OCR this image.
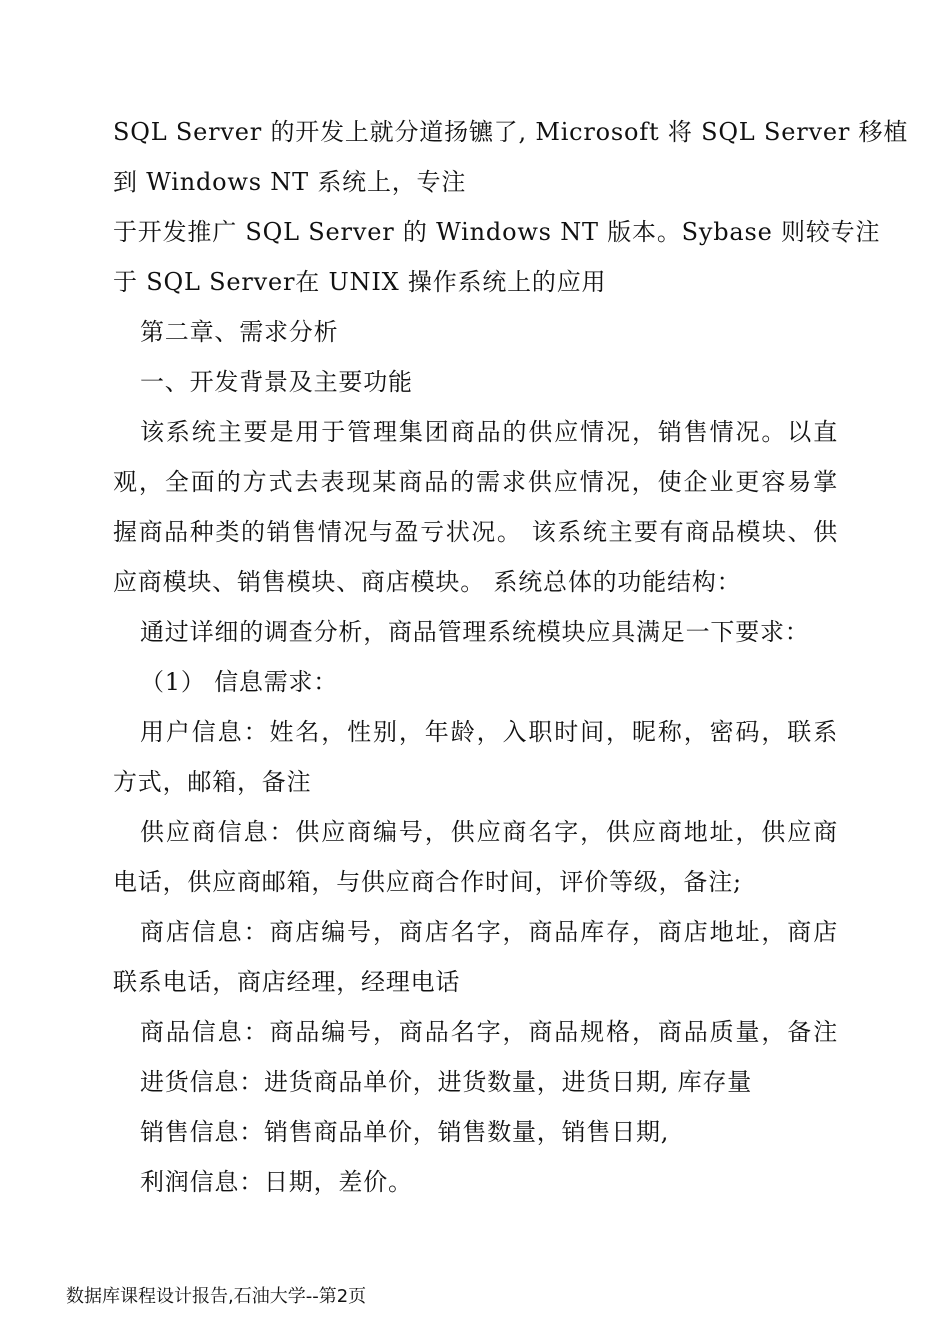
SQL Server 的开发上就分道扬镳了, Microsoft 将 SQL Server 移植
到 Windows NT 系统上，专注
于开发推广 SQL Server 的 Windows NT 版本。Sybase 则较专注
于 SQL Server在 UNIX 操作系统上的应用
第二章、需求分析
一、开发背景及主要功能
该系统主要是用于管理集团商品的供应情况，销售情况。以直
观，全面的方式去表现某商品的需求供应情况，使企业更容易掌
握商品种类的销售情况与盈亏状况。 该系统主要有商品模块、供
应商模块、销售模块、商店模块。 系统总体的功能结构：
通过详细的调查分析，商品管理系统模块应具满足一下要求：
（1） 信息需求：
用户信息：姓名，性别，年龄，入职时间，昵称，密码，联系
方式，邮箱，备注
供应商信息：供应商编号，供应商名字，供应商地址，供应商
电话，供应商邮箱，与供应商合作时间，评价等级，备注;
商店信息：商店编号，商店名字，商品库存，商店地址，商店
联系电话，商店经理，经理电话
商品信息：商品编号，商品名字，商品规格，商品质量，备注
进货信息：进货商品单价，进货数量，进货日期, 库存量
销售信息：销售商品单价，销售数量，销售日期,
利润信息：日期，差价。
数据库课程设计报告,石油大学--第2页
